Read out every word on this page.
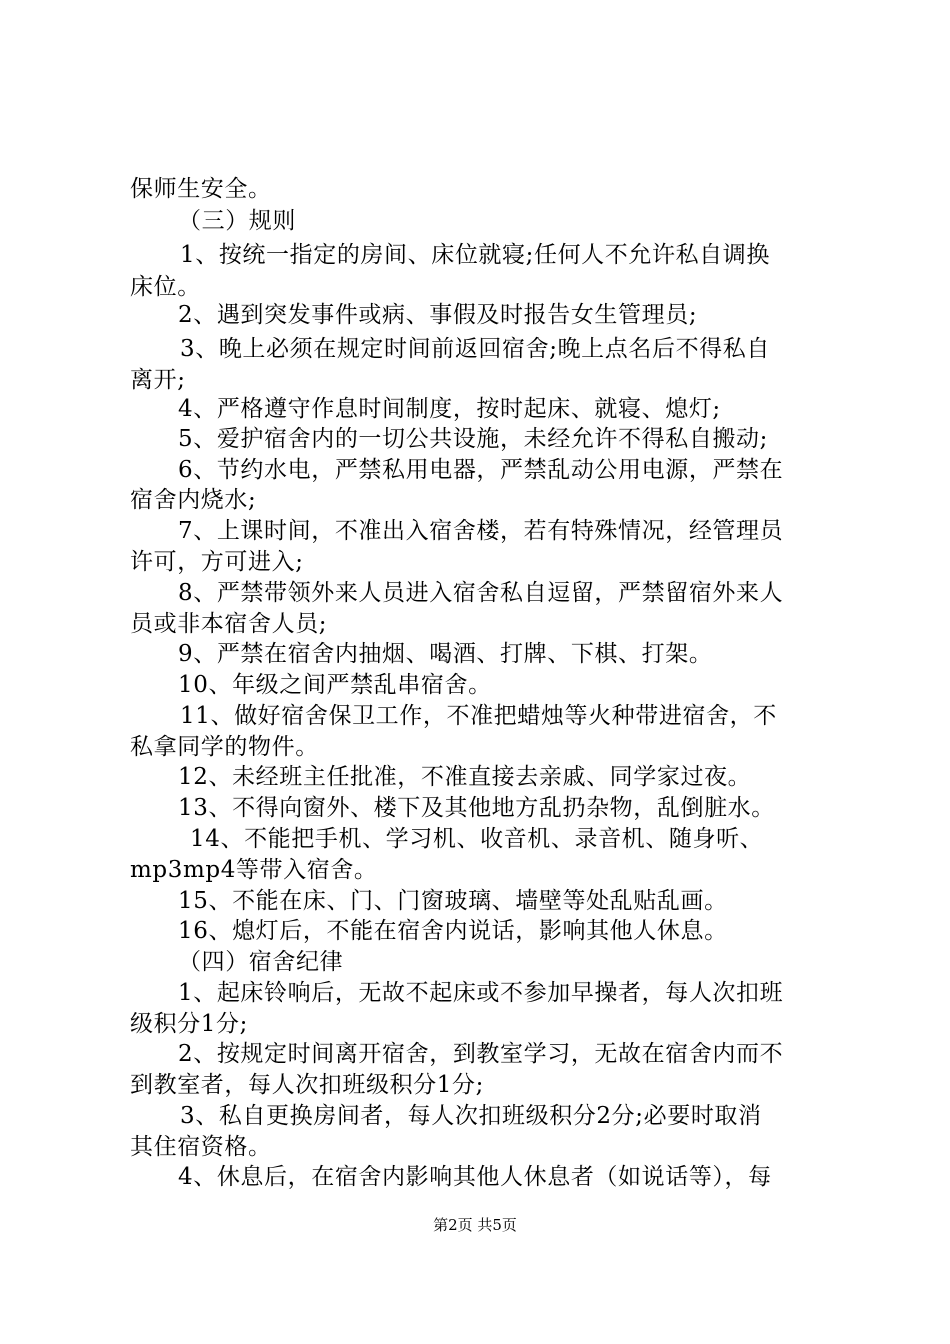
保师生安全。
（三）规则
1、按统一指定的房间、床位就寝;任何人不允许私自调换
床位。
2、遇到突发事件或病、事假及时报告女生管理员;
3、晚上必须在规定时间前返回宿舍;晚上点名后不得私自
离开;
4、严格遵守作息时间制度，按时起床、就寝、熄灯;
5、爱护宿舍内的一切公共设施，未经允许不得私自搬动;
6、节约水电，严禁私用电器，严禁乱动公用电源，严禁在
宿舍内烧水;
7、上课时间，不准出入宿舍楼，若有特殊情况，经管理员
许可，方可进入;
8、严禁带领外来人员进入宿舍私自逗留，严禁留宿外来人
员或非本宿舍人员;
9、严禁在宿舍内抽烟、喝酒、打牌、下棋、打架。
10、年级之间严禁乱串宿舍。
11、做好宿舍保卫工作，不准把蜡烛等火种带进宿舍，不
私拿同学的物件。
12、未经班主任批准，不准直接去亲戚、同学家过夜。
13、不得向窗外、楼下及其他地方乱扔杂物，乱倒脏水。
14、不能把手机、学习机、收音机、录音机、随身听、
mp3mp4等带入宿舍。
15、不能在床、门、门窗玻璃、墙壁等处乱贴乱画。
16、熄灯后，不能在宿舍内说话，影响其他人休息。
（四）宿舍纪律
1、起床铃响后，无故不起床或不参加早操者，每人次扣班
级积分1分;
2、按规定时间离开宿舍，到教室学习，无故在宿舍内而不
到教室者，每人次扣班级积分1分;
3、私自更换房间者，每人次扣班级积分2分;必要时取消
其住宿资格。
4、休息后，在宿舍内影响其他人休息者（如说话等），每
第2页 共5页
